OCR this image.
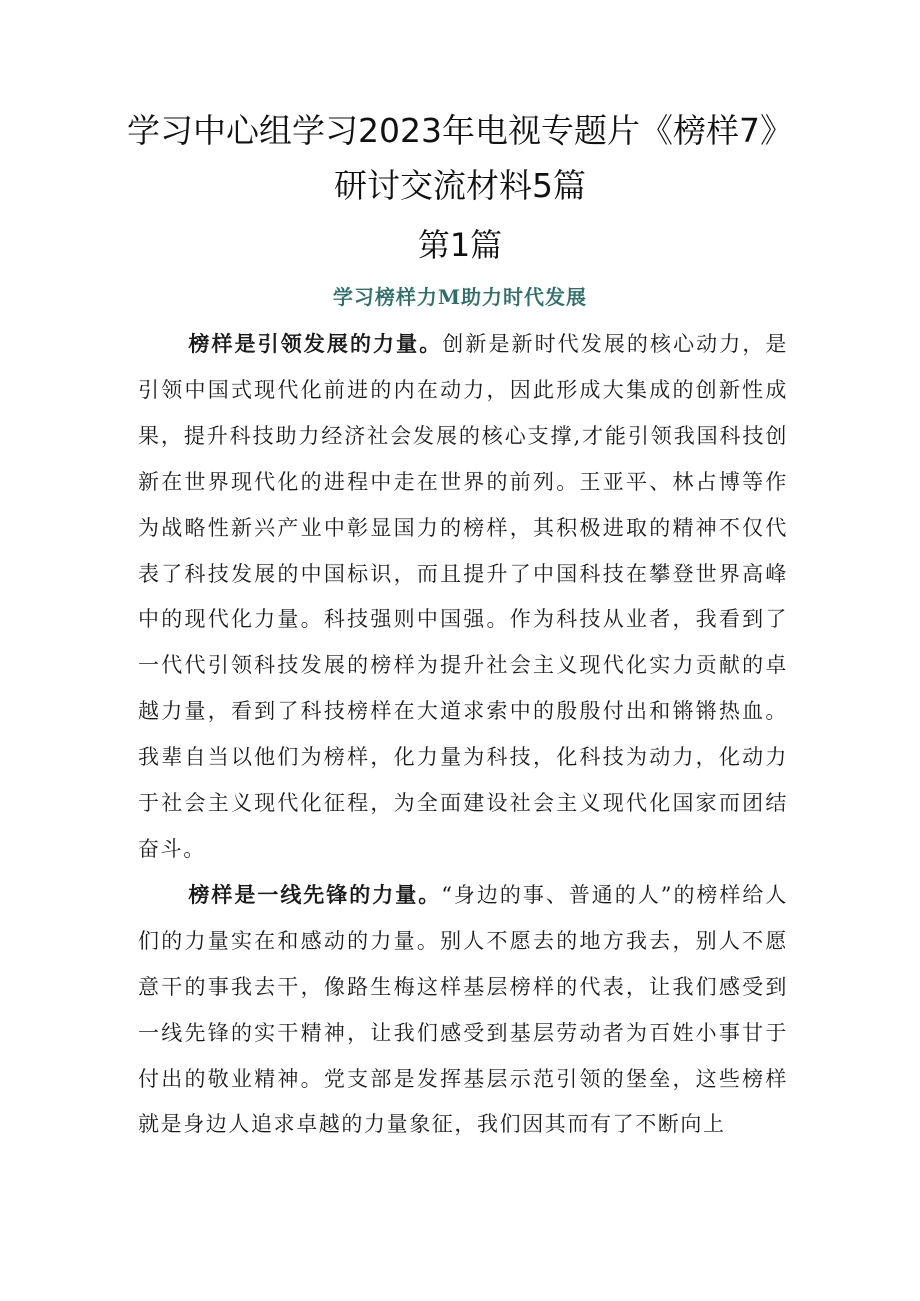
学习中心组学习2023年电视专题片《榜样7》研讨交流材料5篇
第1篇
学习榜样力M助力时代发展

榜样是引领发展的力量。创新是新时代发展的核心动力，是引领中国式现代化前进的内在动力，因此形成大集成的创新性成果，提升科技助力经济社会发展的核心支撑,才能引领我国科技创新在世界现代化的进程中走在世界的前列。王亚平、林占博等作为战略性新兴产业中彰显国力的榜样，其积极进取的精神不仅代表了科技发展的中国标识，而且提升了中国科技在攀登世界高峰中的现代化力量。科技强则中国强。作为科技从业者，我看到了一代代引领科技发展的榜样为提升社会主义现代化实力贡献的卓越力量，看到了科技榜样在大道求索中的殷殷付出和锵锵热血。我辈自当以他们为榜样，化力量为科技，化科技为动力，化动力于社会主义现代化征程，为全面建设社会主义现代化国家而团结奋斗。

榜样是一线先锋的力量。“身边的事、普通的人”的榜样给人们的力量实在和感动的力量。别人不愿去的地方我去，别人不愿意干的事我去干，像路生梅这样基层榜样的代表，让我们感受到一线先锋的实干精神，让我们感受到基层劳动者为百姓小事甘于付出的敬业精神。党支部是发挥基层示范引领的堡垒，这些榜样就是身边人追求卓越的力量象征，我们因其而有了不断向上
